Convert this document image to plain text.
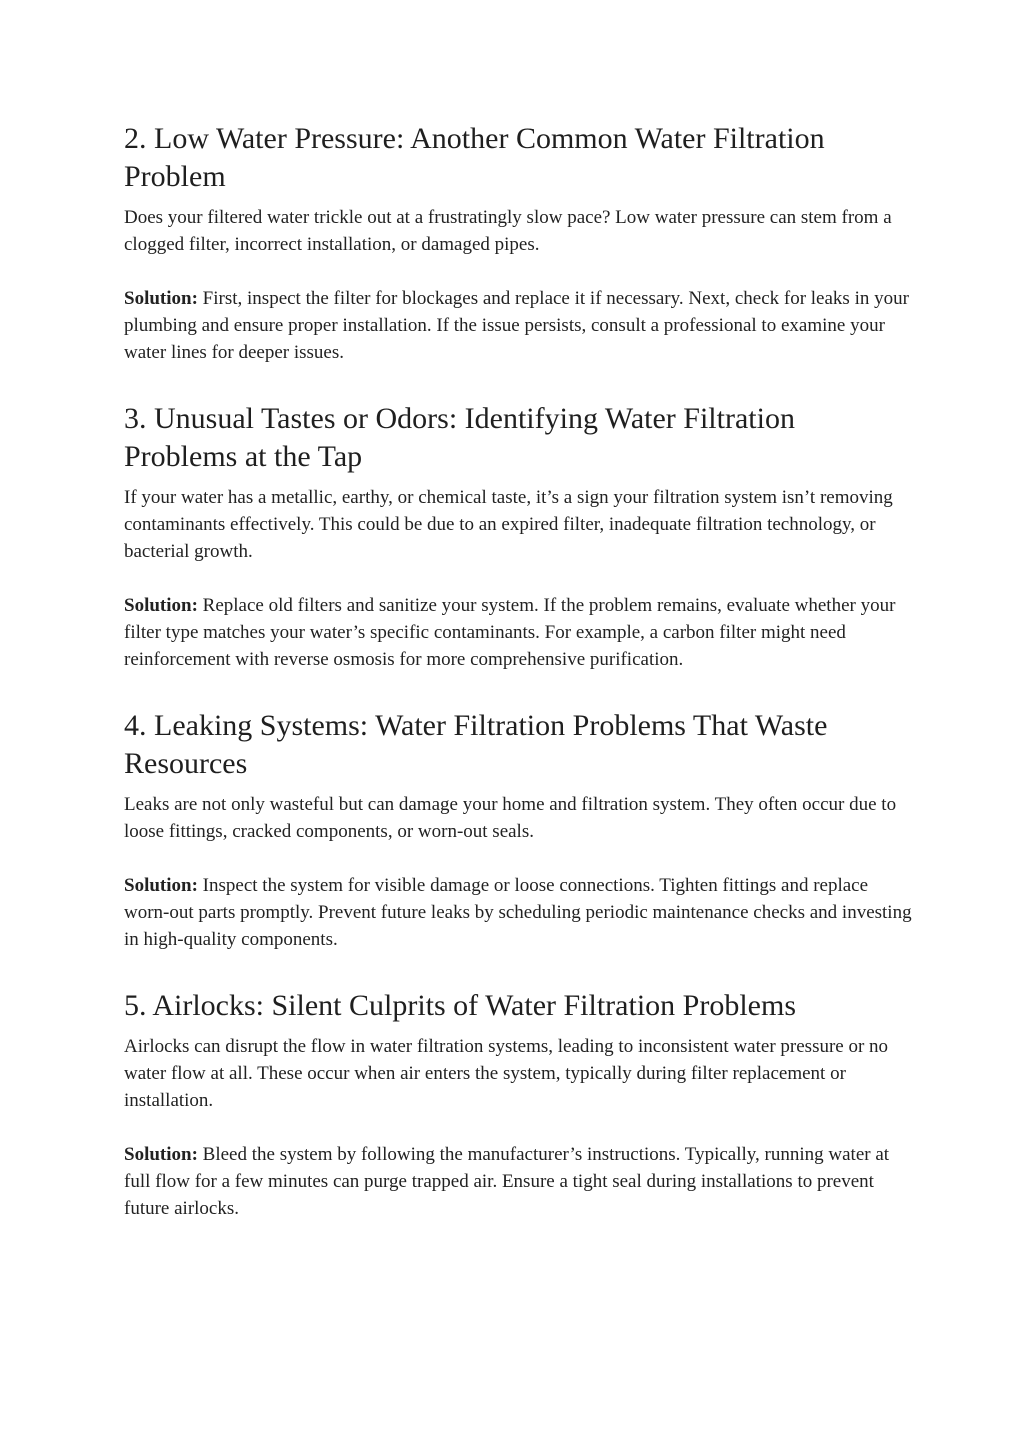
2. Low Water Pressure: Another Common Water Filtration Problem

Does your filtered water trickle out at a frustratingly slow pace? Low water pressure can stem from a clogged filter, incorrect installation, or damaged pipes.

Solution: First, inspect the filter for blockages and replace it if necessary. Next, check for leaks in your plumbing and ensure proper installation. If the issue persists, consult a professional to examine your water lines for deeper issues.

3. Unusual Tastes or Odors: Identifying Water Filtration Problems at the Tap

If your water has a metallic, earthy, or chemical taste, it’s a sign your filtration system isn’t removing contaminants effectively. This could be due to an expired filter, inadequate filtration technology, or bacterial growth.

Solution: Replace old filters and sanitize your system. If the problem remains, evaluate whether your filter type matches your water’s specific contaminants. For example, a carbon filter might need reinforcement with reverse osmosis for more comprehensive purification.

4. Leaking Systems: Water Filtration Problems That Waste Resources

Leaks are not only wasteful but can damage your home and filtration system. They often occur due to loose fittings, cracked components, or worn-out seals.

Solution: Inspect the system for visible damage or loose connections. Tighten fittings and replace worn-out parts promptly. Prevent future leaks by scheduling periodic maintenance checks and investing in high-quality components.

5. Airlocks: Silent Culprits of Water Filtration Problems

Airlocks can disrupt the flow in water filtration systems, leading to inconsistent water pressure or no water flow at all. These occur when air enters the system, typically during filter replacement or installation.

Solution: Bleed the system by following the manufacturer’s instructions. Typically, running water at full flow for a few minutes can purge trapped air. Ensure a tight seal during installations to prevent future airlocks.
